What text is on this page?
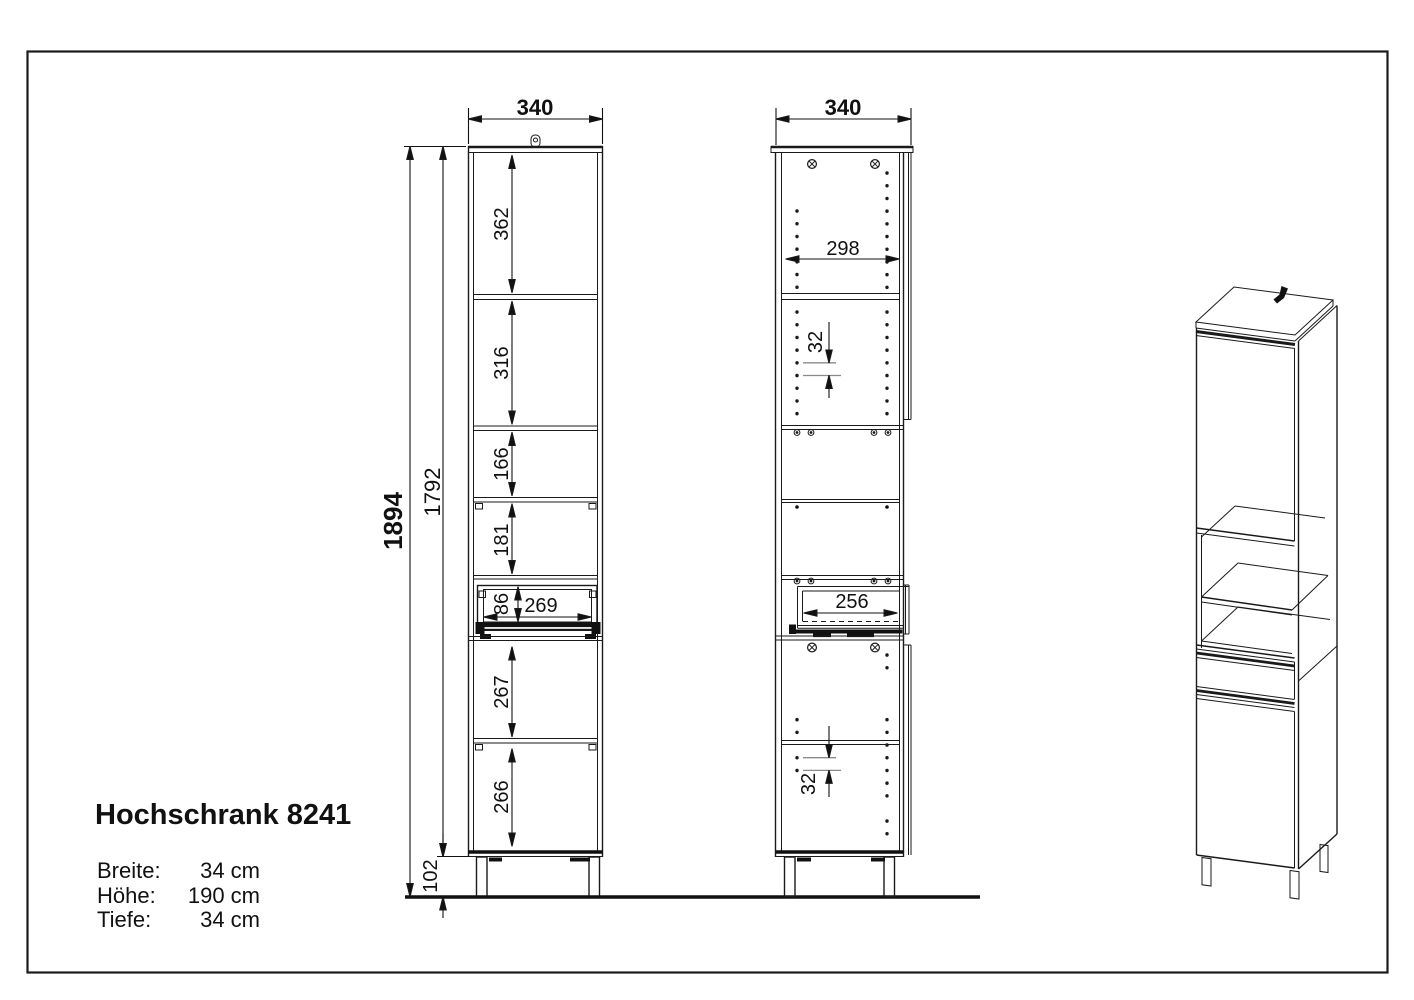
340
1894
1792
102
362
316
166
181
86 269
267
266
340
298
32
256
32
Hochschrank 8241
Breite: 34 cm
Höhe: 190 cm
Tiefe: 34 cm
